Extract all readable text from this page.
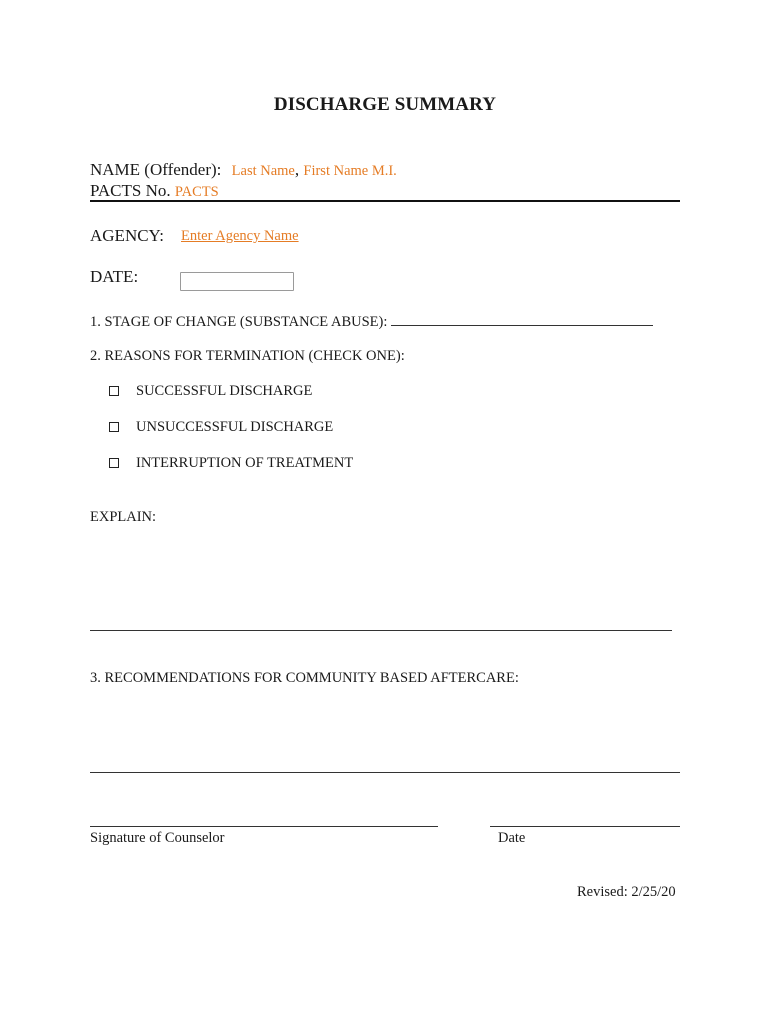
DISCHARGE SUMMARY
NAME (Offender): Last Name, First Name M.I.
PACTS No. PACTS
AGENCY: Enter Agency Name
DATE:
1. STAGE OF CHANGE (SUBSTANCE ABUSE):
2. REASONS FOR TERMINATION (CHECK ONE):
SUCCESSFUL DISCHARGE
UNSUCCESSFUL DISCHARGE
INTERRUPTION OF TREATMENT
EXPLAIN:
3. RECOMMENDATIONS FOR COMMUNITY BASED AFTERCARE:
Signature of Counselor	Date
Revised: 2/25/20
